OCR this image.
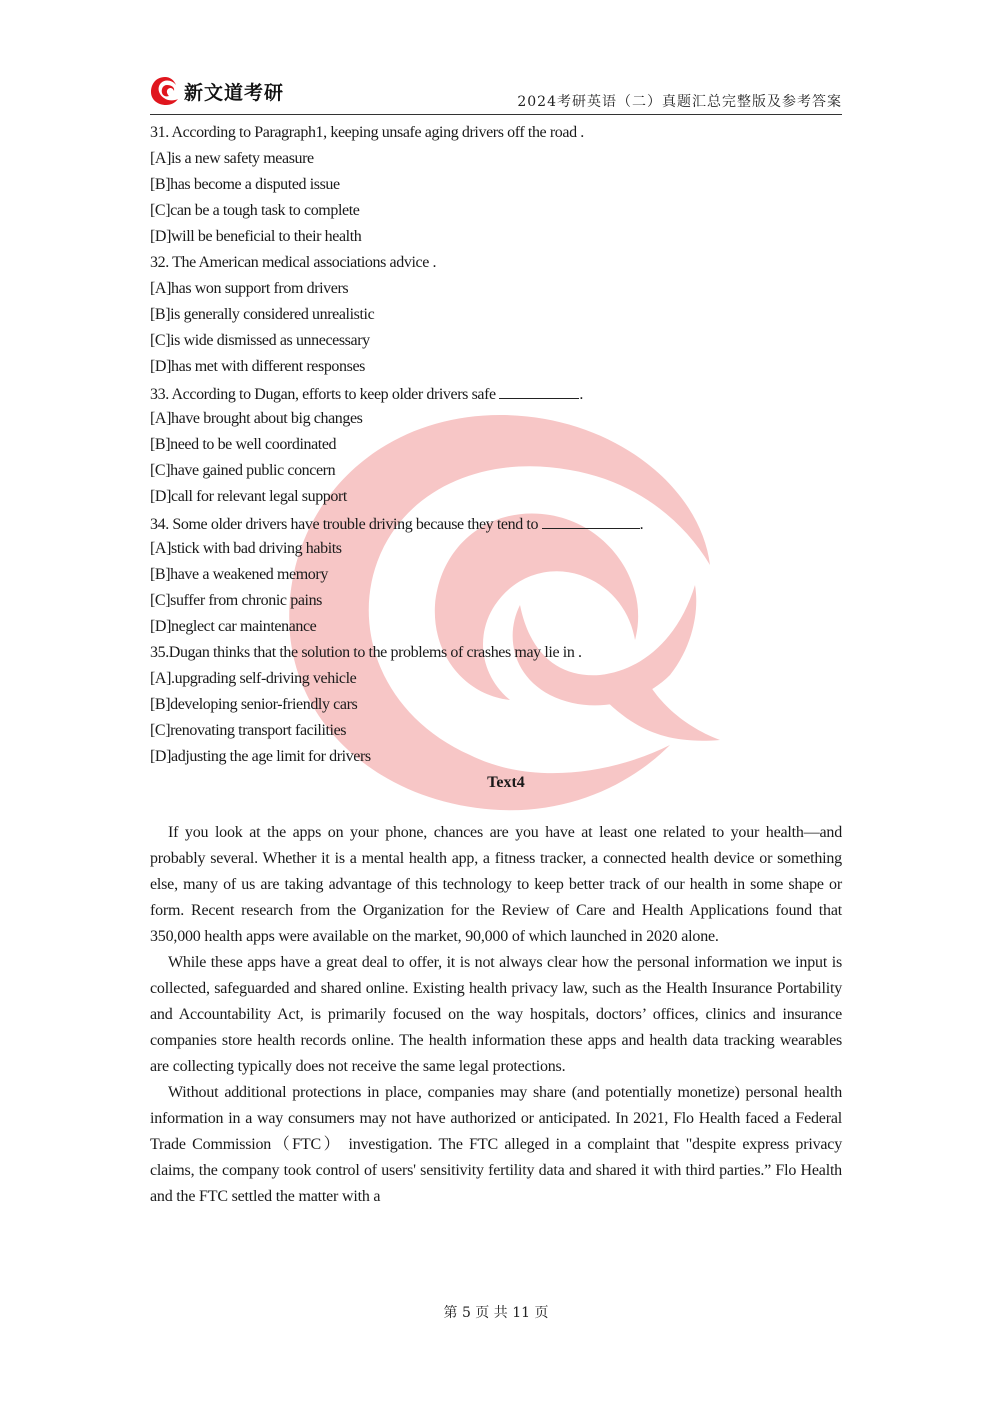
新文道考研	2024考研英语（二）真题汇总完整版及参考答案
31. According to Paragraph1, keeping unsafe aging drivers off the road .
[A]is a new safety measure
[B]has become a disputed issue
[C]can be a tough task to complete
[D]will be beneficial to their health
32. The American medical associations advice .
[A]has won support from drivers
[B]is generally considered unrealistic
[C]is wide dismissed as unnecessary
[D]has met with different responses
33. According to Dugan, efforts to keep older drivers safe	.
[A]have brought about big changes
[B]need to be well coordinated
[C]have gained public concern
[D]call for relevant legal support
34. Some older drivers have trouble driving because they tend to	.
[A]stick with bad driving habits
[B]have a weakened memory
[C]suffer from chronic pains
[D]neglect car maintenance
35.Dugan thinks that the solution to the problems of crashes may lie in .
[A].upgrading self-driving vehicle
[B]developing senior-friendly cars
[C]renovating transport facilities
[D]adjusting the age limit for drivers
Text4

If you look at the apps on your phone, chances are you have at least one related to your health—and probably several. Whether it is a mental health app, a fitness tracker, a connected health device or something else, many of us are taking advantage of this technology to keep better track of our health in some shape or form. Recent research from the Organization for the Review of Care and Health Applications found that 350,000 health apps were available on the market, 90,000 of which launched in 2020 alone.

While these apps have a great deal to offer, it is not always clear how the personal information we input is collected, safeguarded and shared online. Existing health privacy law, such as the Health Insurance Portability and Accountability Act, is primarily focused on the way hospitals, doctors’ offices, clinics and insurance companies store health records online. The health information these apps and health data tracking wearables are collecting typically does not receive the same legal protections.

Without additional protections in place, companies may share (and potentially monetize) personal health information in a way consumers may not have authorized or anticipated. In 2021, Flo Health faced a Federal Trade Commission（FTC） investigation. The FTC alleged in a complaint that "despite express privacy claims, the company took control of users' sensitivity fertility data and shared it with third parties.” Flo Health and the FTC settled the matter with a

第 5 页 共 11 页
